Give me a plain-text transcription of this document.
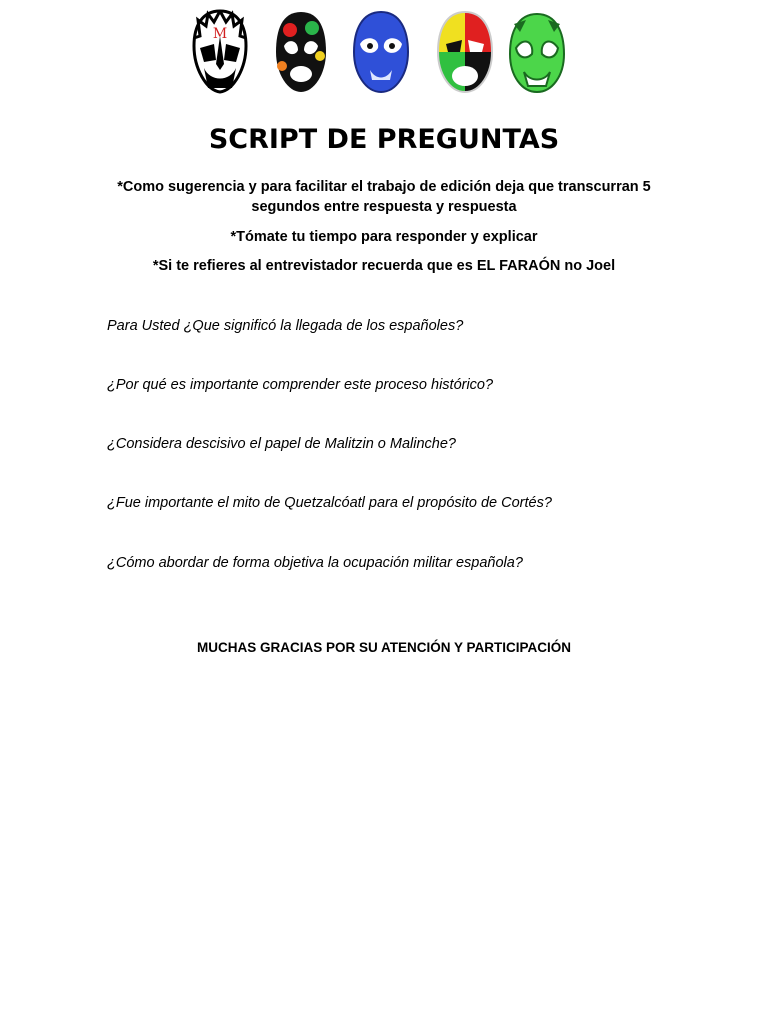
M
SCRIPT DE PREGUNTAS
*Como sugerencia y para facilitar el trabajo de edición deja que transcurran 5 segundos entre respuesta y respuesta
*Tómate tu tiempo para responder y explicar
*Si te refieres al entrevistador recuerda que es EL FARAÓN no Joel
Para Usted ¿Que significó la llegada de los españoles?
¿Por qué es importante comprender este proceso histórico?
¿Considera descisivo el papel de Malitzin o Malinche?
¿Fue importante el mito de Quetzalcóatl para el propósito de Cortés?
¿Cómo abordar de forma objetiva la ocupación militar española?
MUCHAS GRACIAS POR SU ATENCIÓN Y PARTICIPACIÓN
